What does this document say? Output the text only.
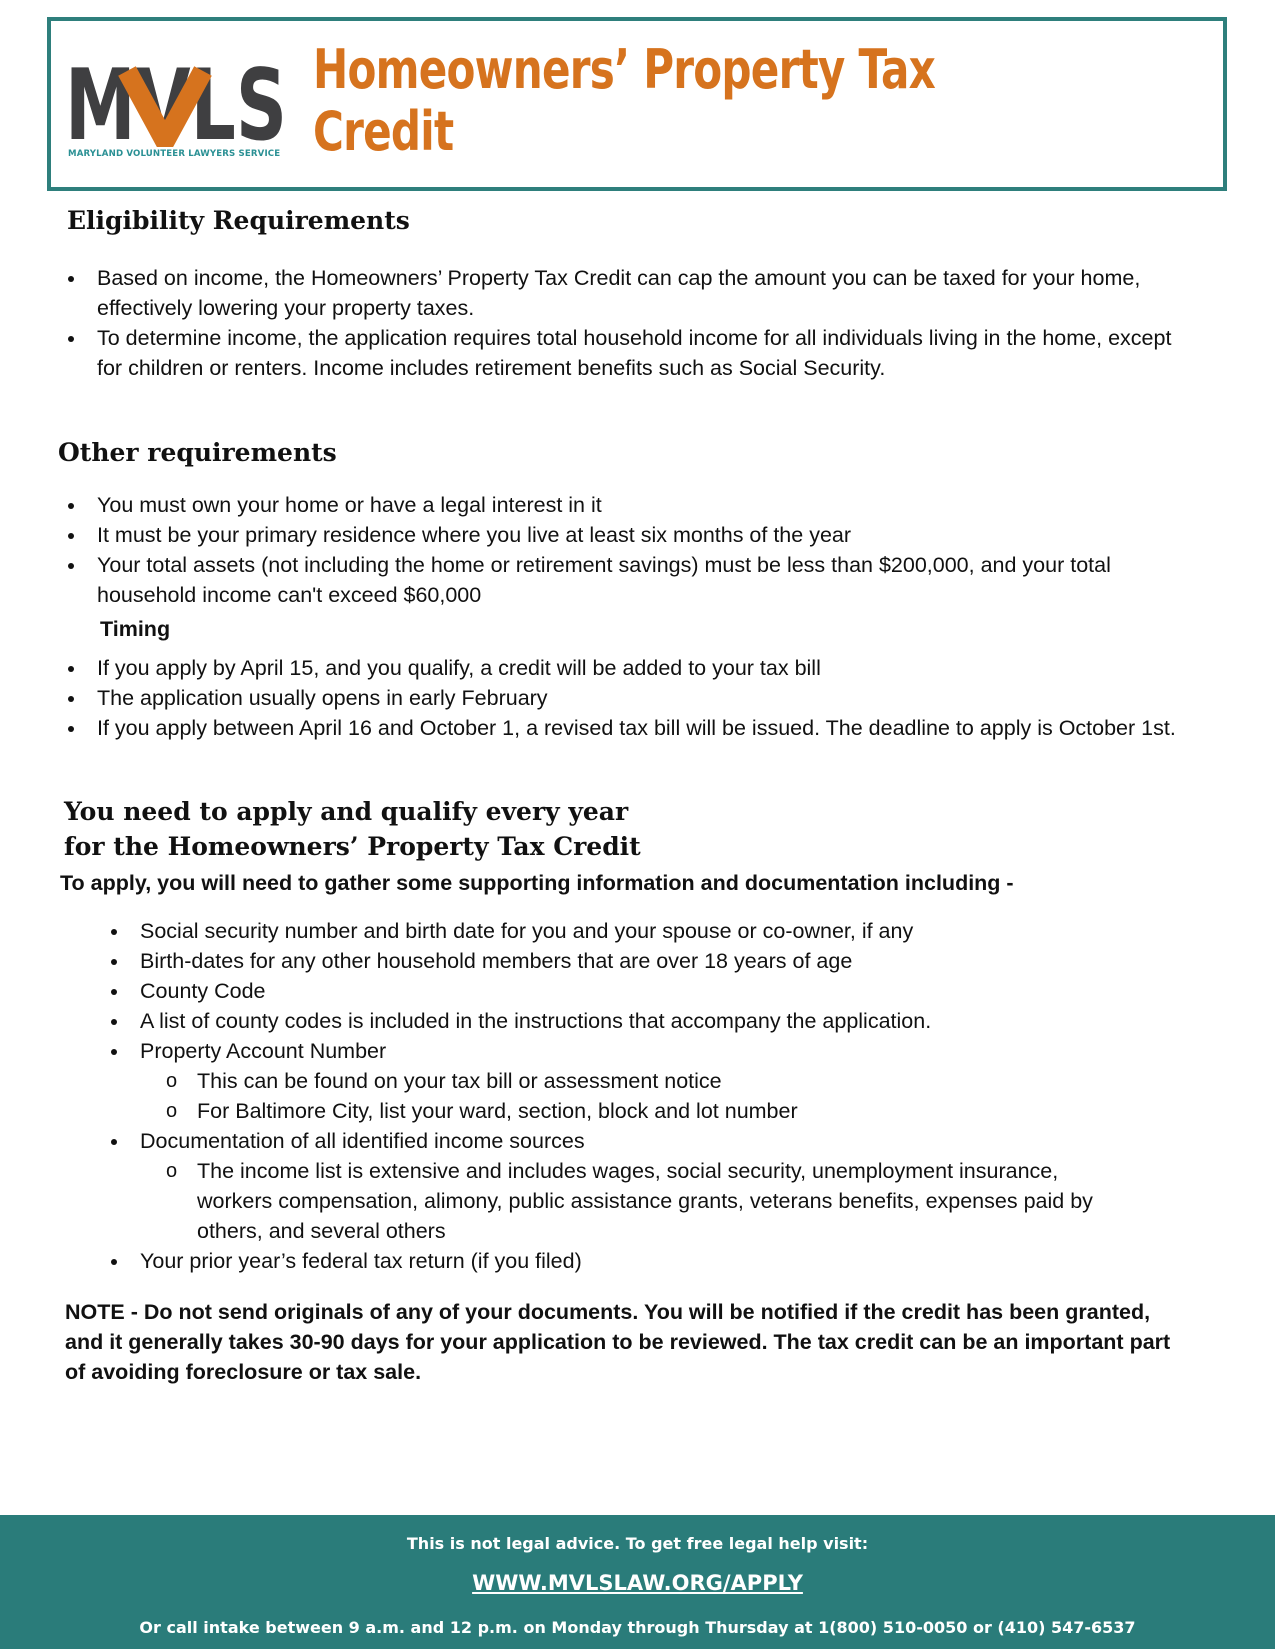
MVLS
MARYLAND VOLUNTEER LAWYERS SERVICE
Homeowners’ Property Tax
Credit
Eligibility Requirements
Based on income, the Homeowners’ Property Tax Credit can cap the amount you can be taxed for your home, effectively lowering your property taxes.
To determine income, the application requires total household income for all individuals living in the home, except for children or renters. Income includes retirement benefits such as Social Security.
Other requirements
You must own your home or have a legal interest in it
It must be your primary residence where you live at least six months of the year
Your total assets (not including the home or retirement savings) must be less than $200,000, and your total household income can't exceed $60,000
Timing
If you apply by April 15, and you qualify, a credit will be added to your tax bill
The application usually opens in early February
If you apply between April 16 and October 1, a revised tax bill will be issued. The deadline to apply is October 1st.
You need to apply and qualify every year
for the Homeowners’ Property Tax Credit
To apply, you will need to gather some supporting information and documentation including -
Social security number and birth date for you and your spouse or co-owner, if any
Birth-dates for any other household members that are over 18 years of age
County Code
A list of county codes is included in the instructions that accompany the application.
Property Account Number
o This can be found on your tax bill or assessment notice
o For Baltimore City, list your ward, section, block and lot number
Documentation of all identified income sources
o The income list is extensive and includes wages, social security, unemployment insurance, workers compensation, alimony, public assistance grants, veterans benefits, expenses paid by others, and several others
Your prior year’s federal tax return (if you filed)
NOTE - Do not send originals of any of your documents. You will be notified if the credit has been granted, and it generally takes 30-90 days for your application to be reviewed. The tax credit can be an important part of avoiding foreclosure or tax sale.
This is not legal advice. To get free legal help visit:
WWW.MVLSLAW.ORG/APPLY
Or call intake between 9 a.m. and 12 p.m. on Monday through Thursday at 1(800) 510-0050 or (410) 547-6537
